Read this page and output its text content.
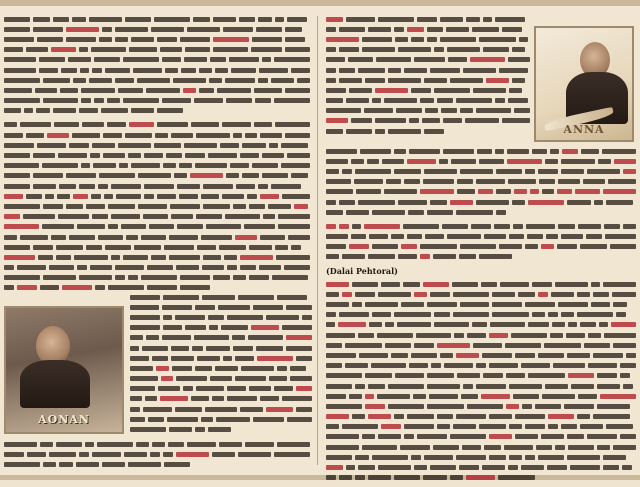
AONAN
ANNA
(Dalai Pehtoral)
